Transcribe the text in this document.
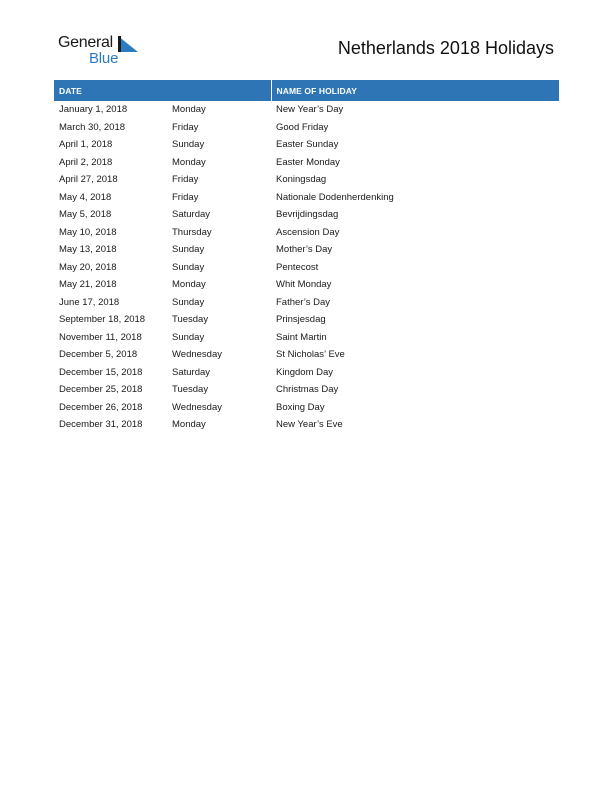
General
Blue
Netherlands 2018 Holidays
DATE		NAME OF HOLIDAY
January 1, 2018	Monday	New Year’s Day
March 30, 2018	Friday	Good Friday
April 1, 2018	Sunday	Easter Sunday
April 2, 2018	Monday	Easter Monday
April 27, 2018	Friday	Koningsdag
May 4, 2018	Friday	Nationale Dodenherdenking
May 5, 2018	Saturday	Bevrijdingsdag
May 10, 2018	Thursday	Ascension Day
May 13, 2018	Sunday	Mother’s Day
May 20, 2018	Sunday	Pentecost
May 21, 2018	Monday	Whit Monday
June 17, 2018	Sunday	Father’s Day
September 18, 2018	Tuesday	Prinsjesdag
November 11, 2018	Sunday	Saint Martin
December 5, 2018	Wednesday	St Nicholas’ Eve
December 15, 2018	Saturday	Kingdom Day
December 25, 2018	Tuesday	Christmas Day
December 26, 2018	Wednesday	Boxing Day
December 31, 2018	Monday	New Year’s Eve
